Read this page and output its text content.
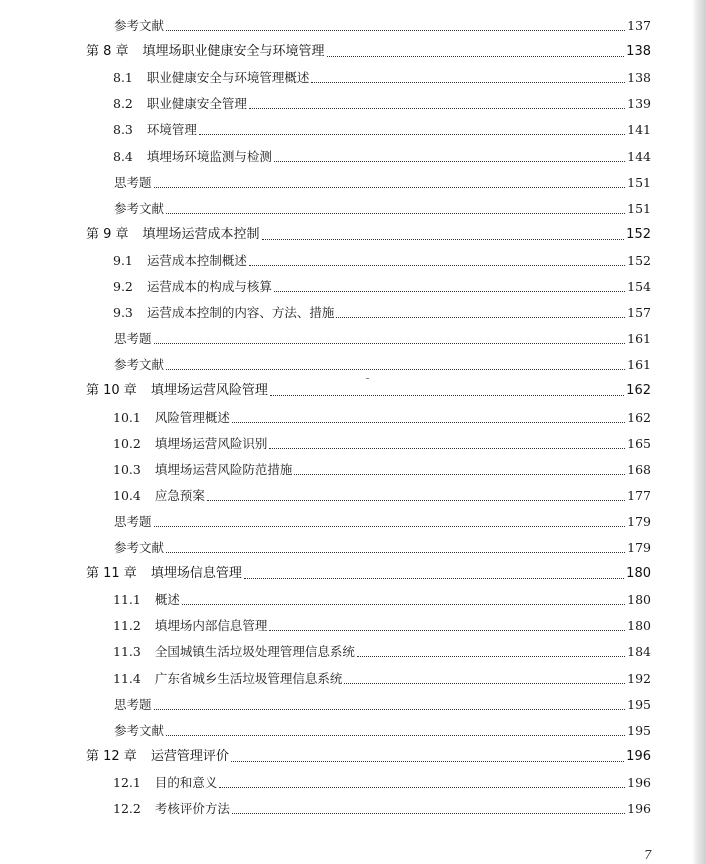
参考文献	137
第 8 章 填埋场职业健康安全与环境管理	138
8.1 职业健康安全与环境管理概述	138
8.2 职业健康安全管理	139
8.3 环境管理	141
8.4 填埋场环境监测与检测	144
思考题	151
参考文献	151
第 9 章 填埋场运营成本控制	152
9.1 运营成本控制概述	152
9.2 运营成本的构成与核算	154
9.3 运营成本控制的内容、方法、措施	157
思考题	161
参考文献	161
第 10 章 填埋场运营风险管理	162
10.1 风险管理概述	162
10.2 填埋场运营风险识别	165
10.3 填埋场运营风险防范措施	168
10.4 应急预案	177
思考题	179
参考文献	179
第 11 章 填埋场信息管理	180
11.1 概述	180
11.2 填埋场内部信息管理	180
11.3 全国城镇生活垃圾处理管理信息系统	184
11.4 广东省城乡生活垃圾管理信息系统	192
思考题	195
参考文献	195
第 12 章 运营管理评价	196
12.1 目的和意义	196
12.2 考核评价方法	196
7
